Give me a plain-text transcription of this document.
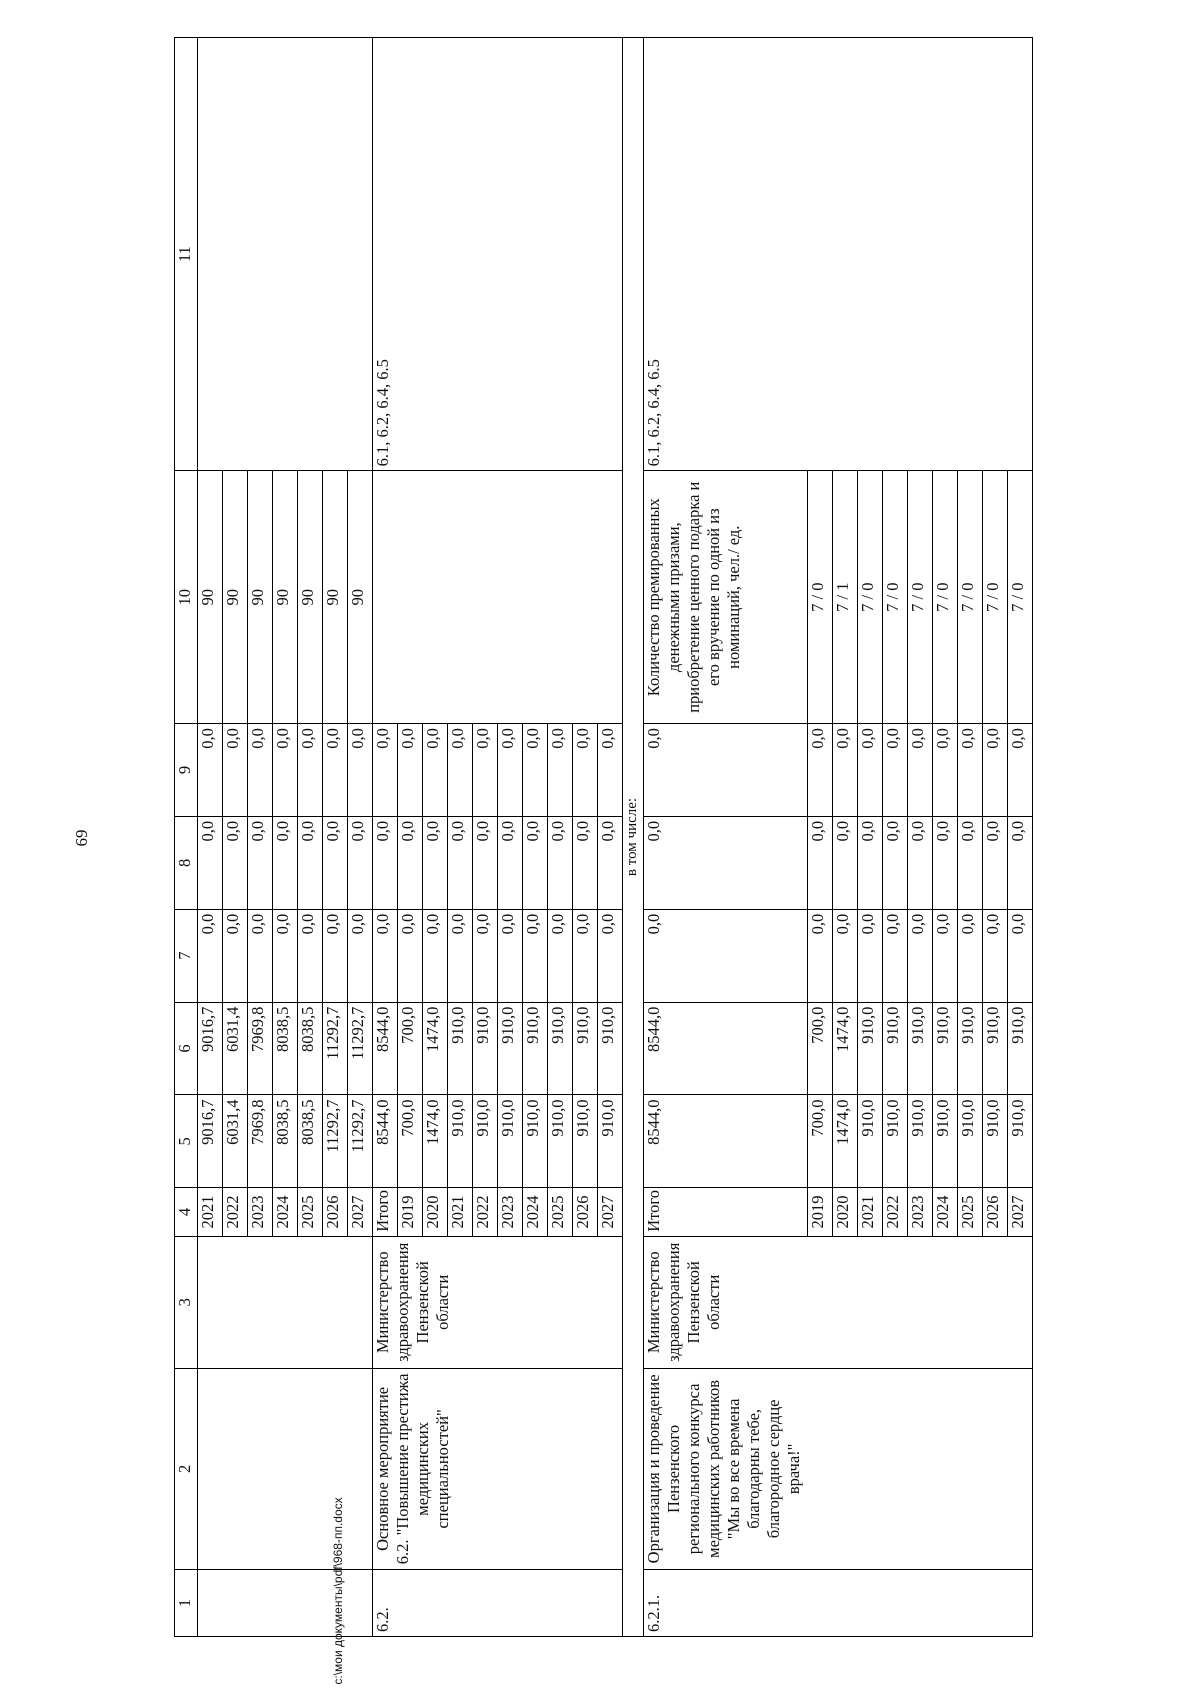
69
c:\мои документы\pdf\968-пп.docx
1	2	3	4	5	6	7	8	9	10	11
			2021	9016,7	9016,7	0,0	0,0	0,0	90	
			2022	6031,4	6031,4	0,0	0,0	0,0	90	
			2023	7969,8	7969,8	0,0	0,0	0,0	90	
			2024	8038,5	8038,5	0,0	0,0	0,0	90	
			2025	8038,5	8038,5	0,0	0,0	0,0	90	
			2026	11292,7	11292,7	0,0	0,0	0,0	90	
			2027	11292,7	11292,7	0,0	0,0	0,0	90	
6.2.	Основное мероприятие 6.2. "Повышение престижа медицинских специальностей"	Министерство здравоохранения Пензенской области	Итого	8544,0	8544,0	0,0	0,0	0,0		6.1, 6.2, 6.4, 6.5
			2019	700,0	700,0	0,0	0,0	0,0		
			2020	1474,0	1474,0	0,0	0,0	0,0		
			2021	910,0	910,0	0,0	0,0	0,0		
			2022	910,0	910,0	0,0	0,0	0,0		
			2023	910,0	910,0	0,0	0,0	0,0		
			2024	910,0	910,0	0,0	0,0	0,0		
			2025	910,0	910,0	0,0	0,0	0,0		
			2026	910,0	910,0	0,0	0,0	0,0		
			2027	910,0	910,0	0,0	0,0	0,0		
в том числе:										
6.2.1.	Организация и проведение Пензенского регионального конкурса медицинских работников "Мы во все времена благодарны тебе, благородное сердце врача!"	Министерство здравоохранения Пензенской области	Итого	8544,0	8544,0	0,0	0,0	0,0	Количество премированных денежными призами, приобретение ценного подарка и его вручение по одной из номинаций, чел./ ед.	6.1, 6.2, 6.4, 6.5
			2019	700,0	700,0	0,0	0,0	0,0	7 / 0	
			2020	1474,0	1474,0	0,0	0,0	0,0	7 / 1	
			2021	910,0	910,0	0,0	0,0	0,0	7 / 0	
			2022	910,0	910,0	0,0	0,0	0,0	7 / 0	
			2023	910,0	910,0	0,0	0,0	0,0	7 / 0	
			2024	910,0	910,0	0,0	0,0	0,0	7 / 0	
			2025	910,0	910,0	0,0	0,0	0,0	7 / 0	
			2026	910,0	910,0	0,0	0,0	0,0	7 / 0	
			2027	910,0	910,0	0,0	0,0	0,0	7 / 0	
